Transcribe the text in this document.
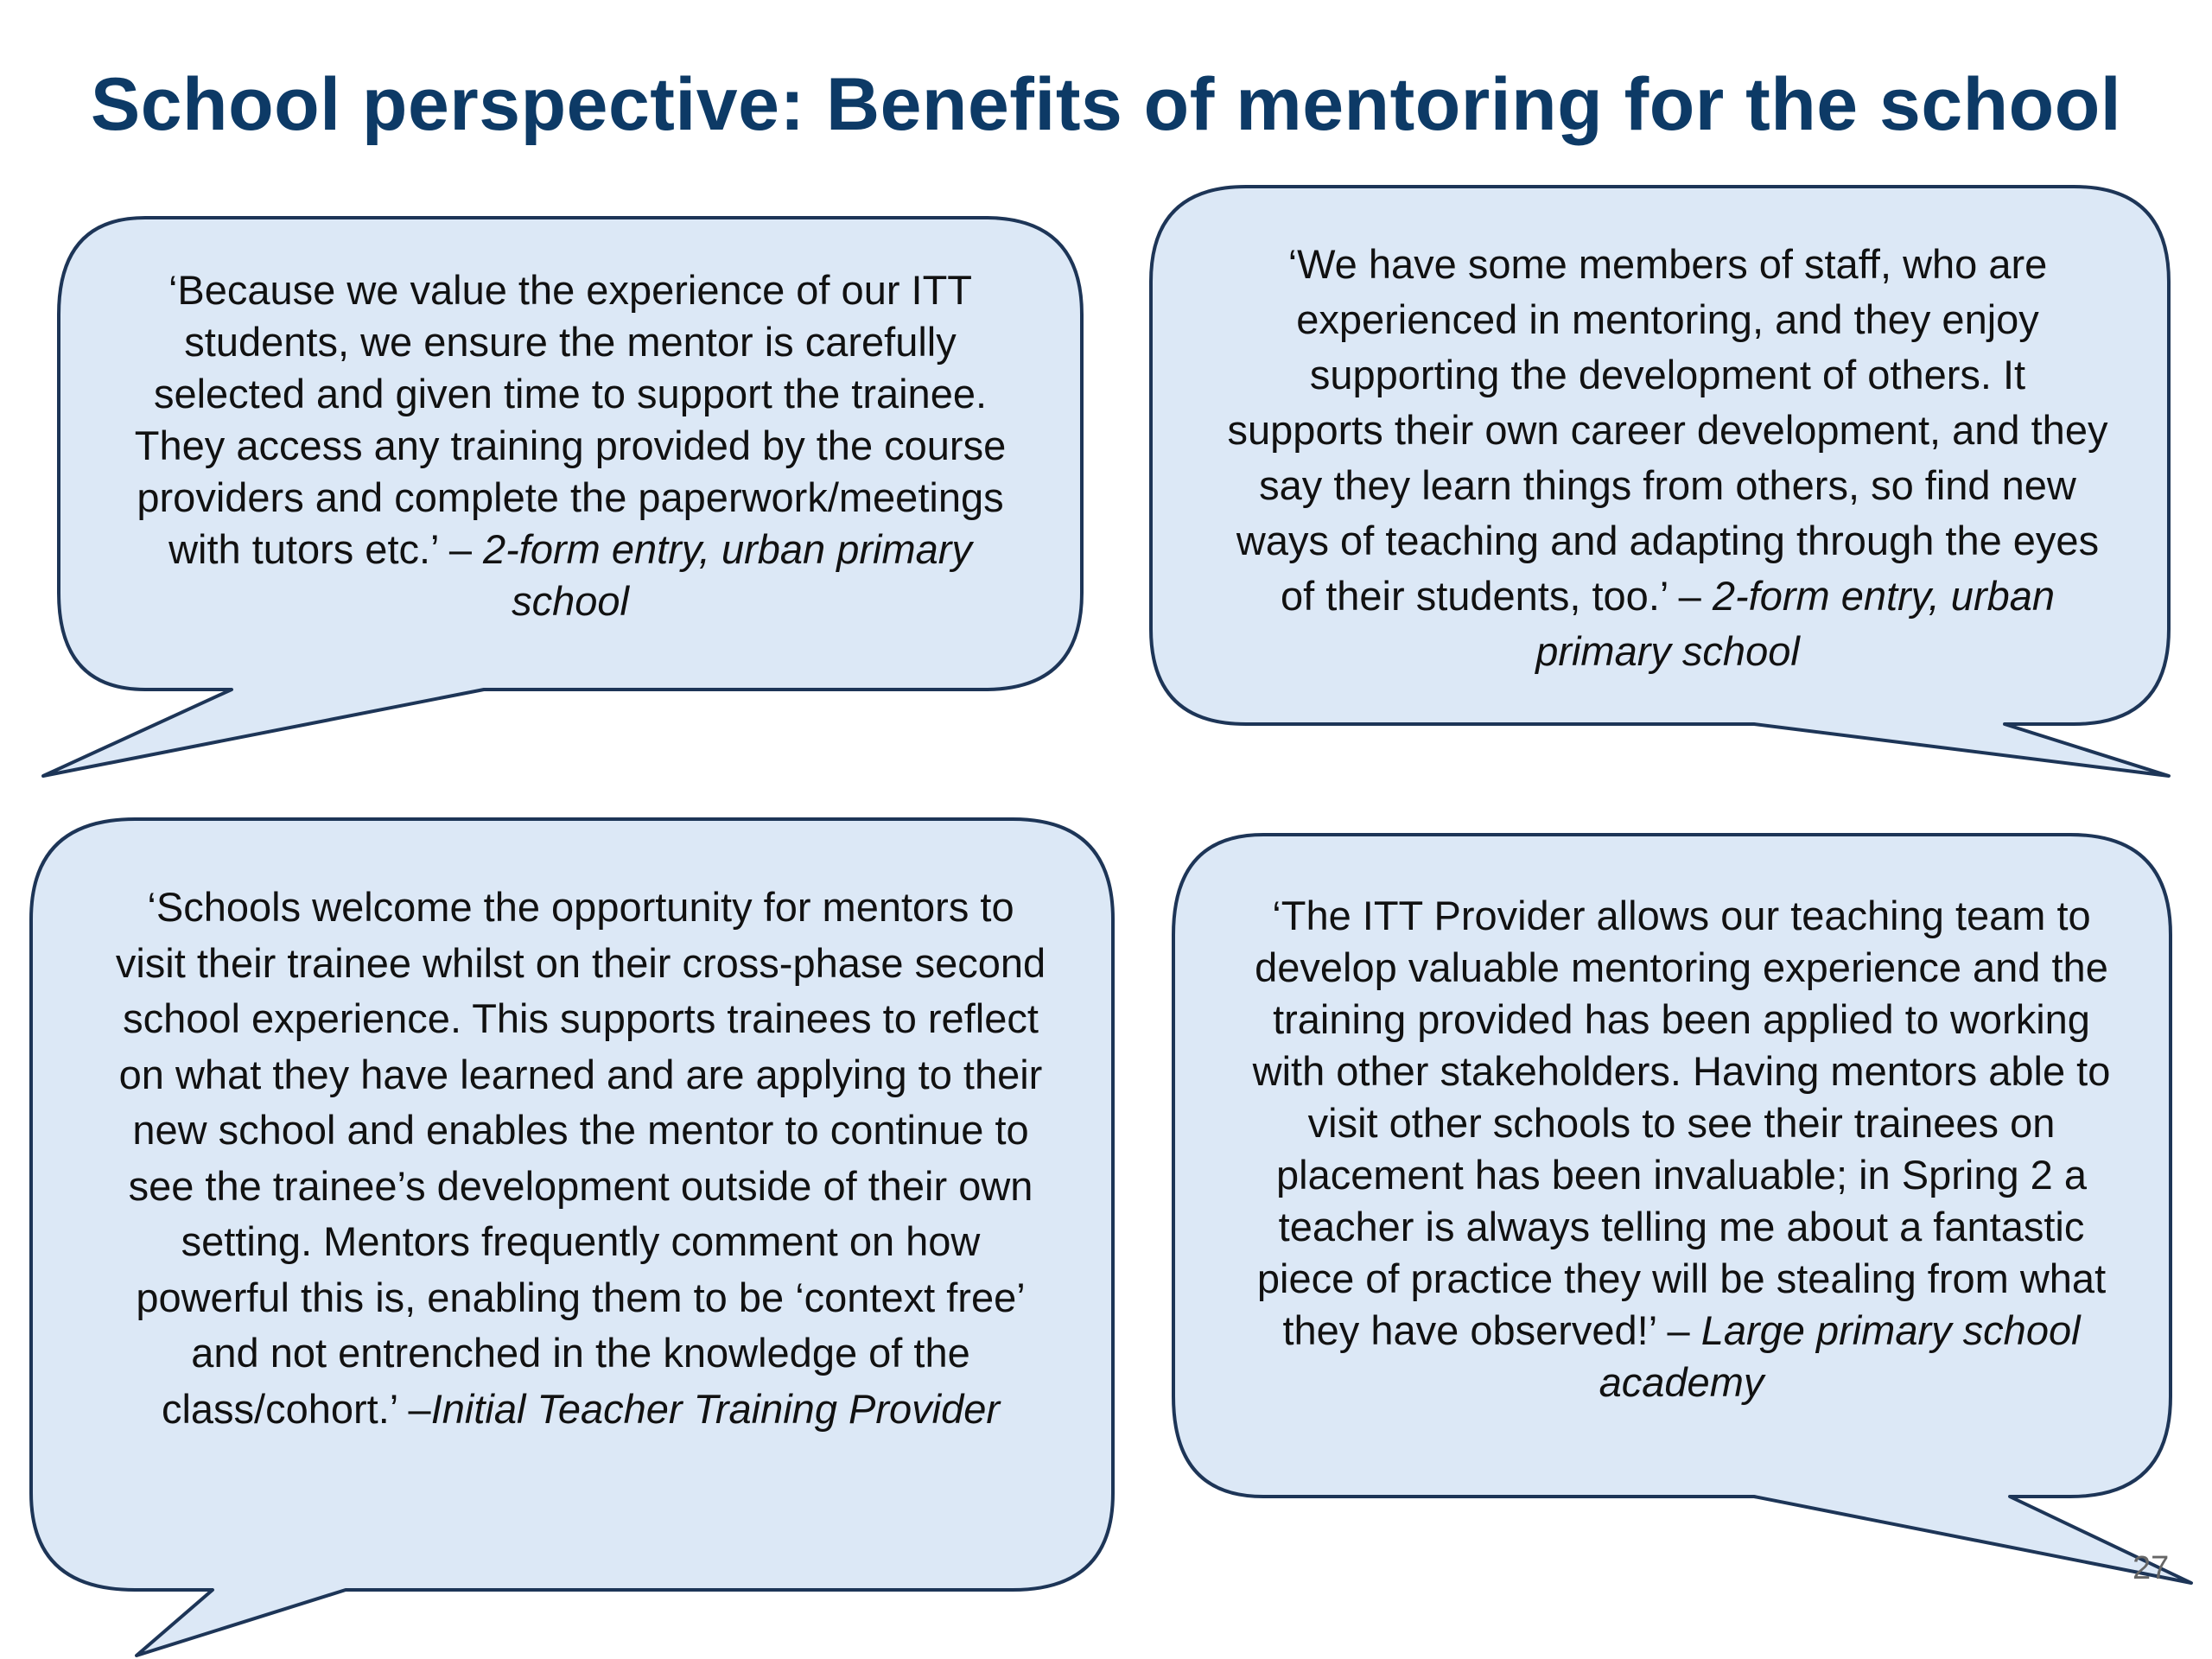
School perspective: Benefits of mentoring for the school

‘Because we value the experience of our ITT students, we ensure the mentor is carefully selected and given time to support the trainee. They access any training provided by the course providers and complete the paperwork/meetings with tutors etc.’ – 2-form entry, urban primary school

‘We have some members of staff, who are experienced in mentoring, and they enjoy supporting the development of others. It supports their own career development, and they say they learn things from others, so find new ways of teaching and adapting through the eyes of their students, too.’ – 2-form entry, urban primary school

‘Schools welcome the opportunity for mentors to visit their trainee whilst on their cross-phase second school experience. This supports trainees to reflect on what they have learned and are applying to their new school and enables the mentor to continue to see the trainee’s development outside of their own setting. Mentors frequently comment on how powerful this is, enabling them to be ‘context free’ and not entrenched in the knowledge of the class/cohort.’ –Initial Teacher Training Provider

‘The ITT Provider allows our teaching team to develop valuable mentoring experience and the training provided has been applied to working with other stakeholders. Having mentors able to visit other schools to see their trainees on placement has been invaluable; in Spring 2 a teacher is always telling me about a fantastic piece of practice they will be stealing from what they have observed!’ – Large primary school academy

27
